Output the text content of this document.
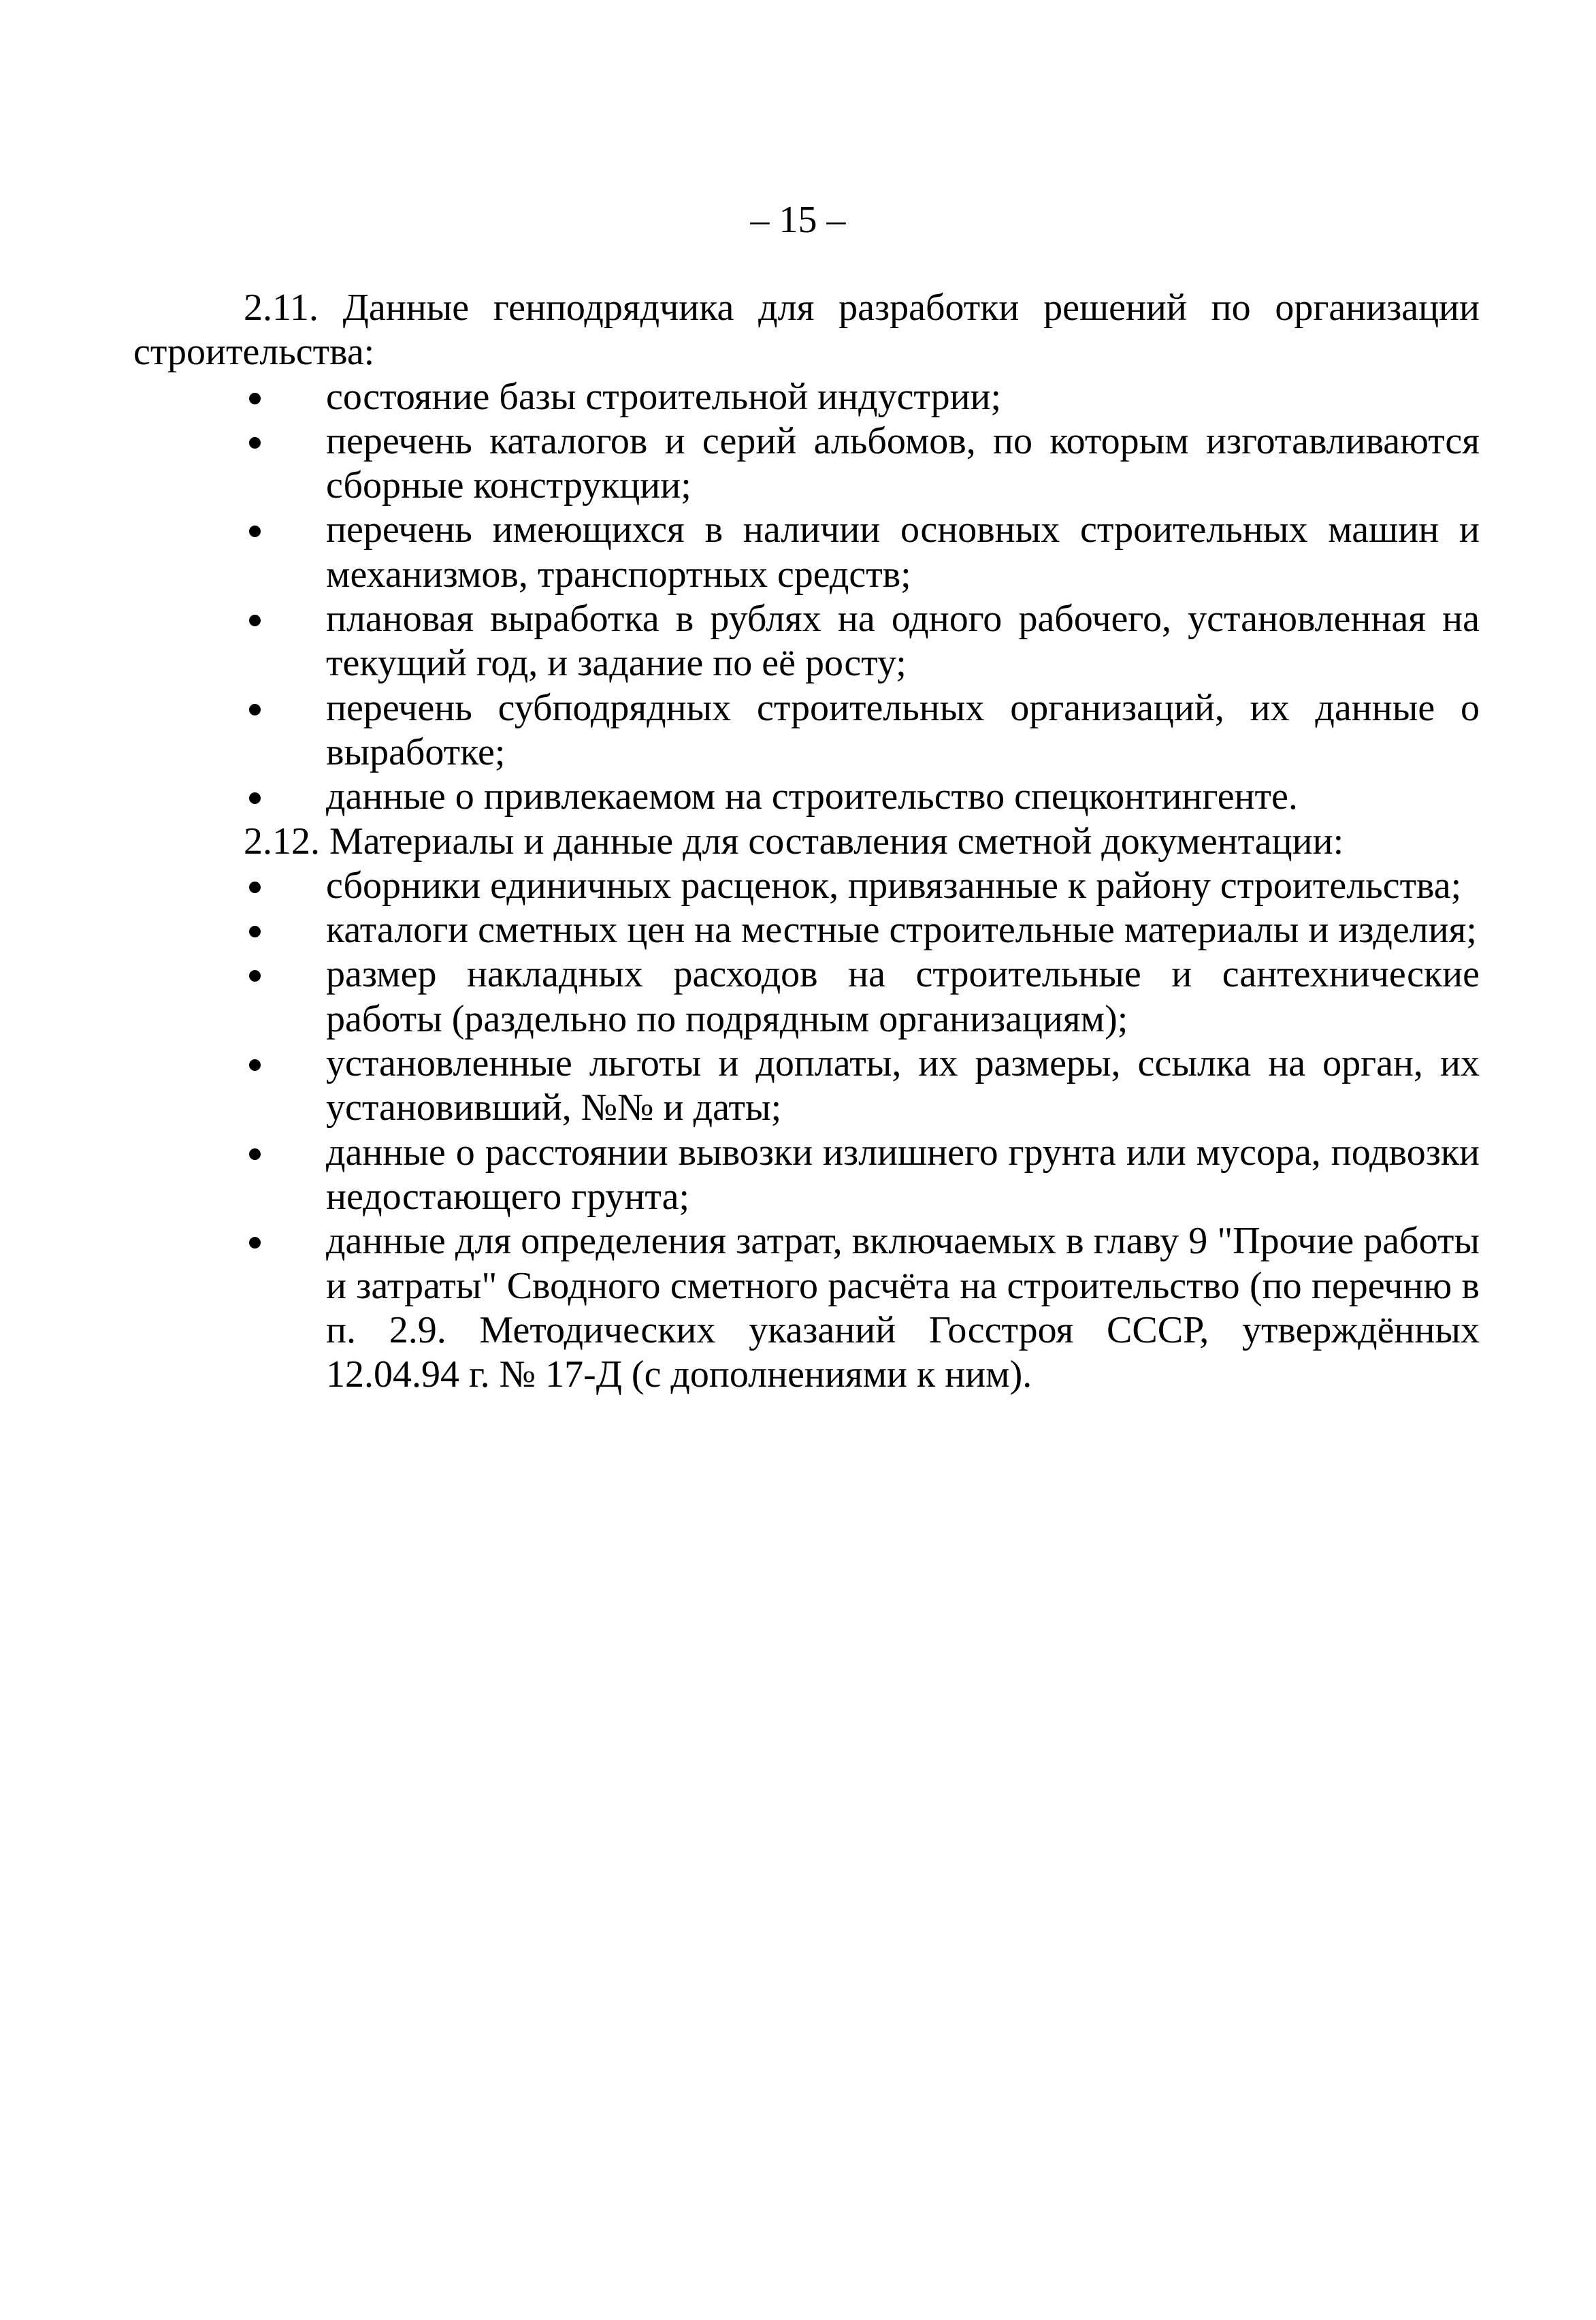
– 15 –

2.11. Данные генподрядчика для разработки решений по организации строительства:

состояние базы строительной индустрии;
перечень каталогов и серий альбомов, по которым изготавливаются сборные конструкции;
перечень имеющихся в наличии основных строительных машин и механизмов, транспортных средств;
плановая выработка в рублях на одного рабочего, установленная на текущий год, и задание по её росту;
перечень субподрядных строительных организаций, их данные о выработке;
данные о привлекаемом на строительство спецконтингенте.

2.12. Материалы и данные для составления сметной документации:

сборники единичных расценок, привязанные к району строительства;
каталоги сметных цен на местные строительные материалы и изделия;
размер накладных расходов на строительные и сантехнические работы (раздельно по подрядным организациям);
установленные льготы и доплаты, их размеры, ссылка на орган, их установивший, №№ и даты;
данные о расстоянии вывозки излишнего грунта или мусора, подвозки недостающего грунта;
данные для определения затрат, включаемых в главу 9 "Прочие работы и затраты" Сводного сметного расчёта на строительство (по перечню в п. 2.9. Методических указаний Госстроя СССР, утверждённых 12.04.94 г. № 17-Д (с дополнениями к ним).
